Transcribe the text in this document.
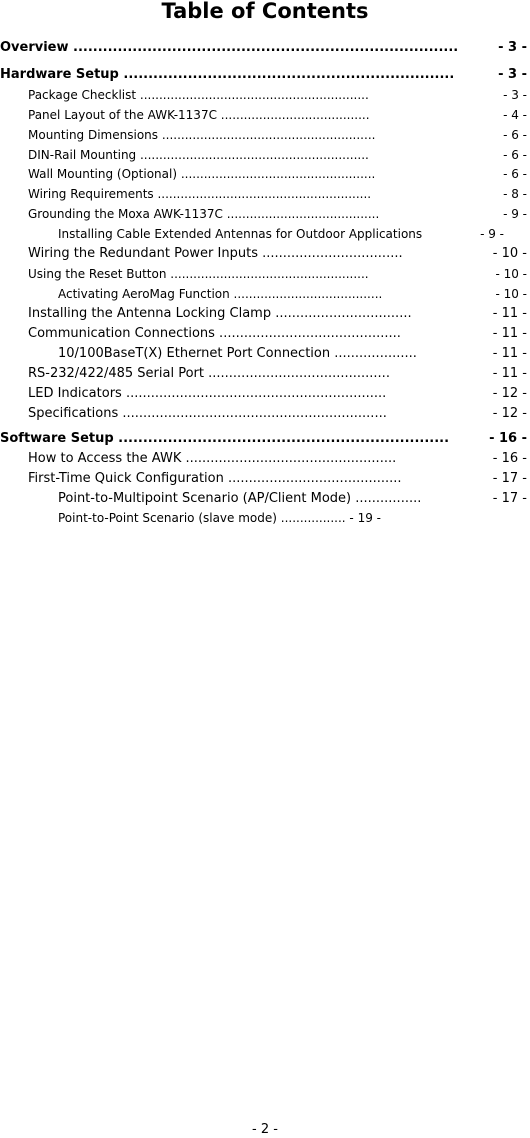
Table of Contents
Overview ..............................................................................	- 3 -
Hardware Setup ...................................................................	- 3 -
Package Checklist ............................................................	- 3 -
Panel Layout of the AWK-1137C .......................................	- 4 -
Mounting Dimensions ........................................................	- 6 -
DIN-Rail Mounting ............................................................	- 6 -
Wall Mounting (Optional) ...................................................	- 6 -
Wiring Requirements ........................................................	- 8 -
Grounding the Moxa AWK-1137C ........................................	- 9 -
Installing Cable Extended Antennas for Outdoor Applications	- 9 -
Wiring the Redundant Power Inputs ..................................	- 10 -
Using the Reset Button ....................................................	- 10 -
Activating AeroMag Function .......................................	- 10 -
Installing the Antenna Locking Clamp .................................	- 11 -
Communication Connections ............................................	- 11 -
10/100BaseT(X) Ethernet Port Connection ....................	- 11 -
RS-232/422/485 Serial Port ............................................	- 11 -
LED Indicators ...............................................................	- 12 -
Specifications ................................................................	- 12 -
Software Setup ...................................................................	- 16 -
How to Access the AWK ...................................................	- 16 -
First-Time Quick Configuration ..........................................	- 17 -
Point-to-Multipoint Scenario (AP/Client Mode) ................	- 17 -
Point-to-Point Scenario (slave mode) ................. - 19 -
- 2 -
